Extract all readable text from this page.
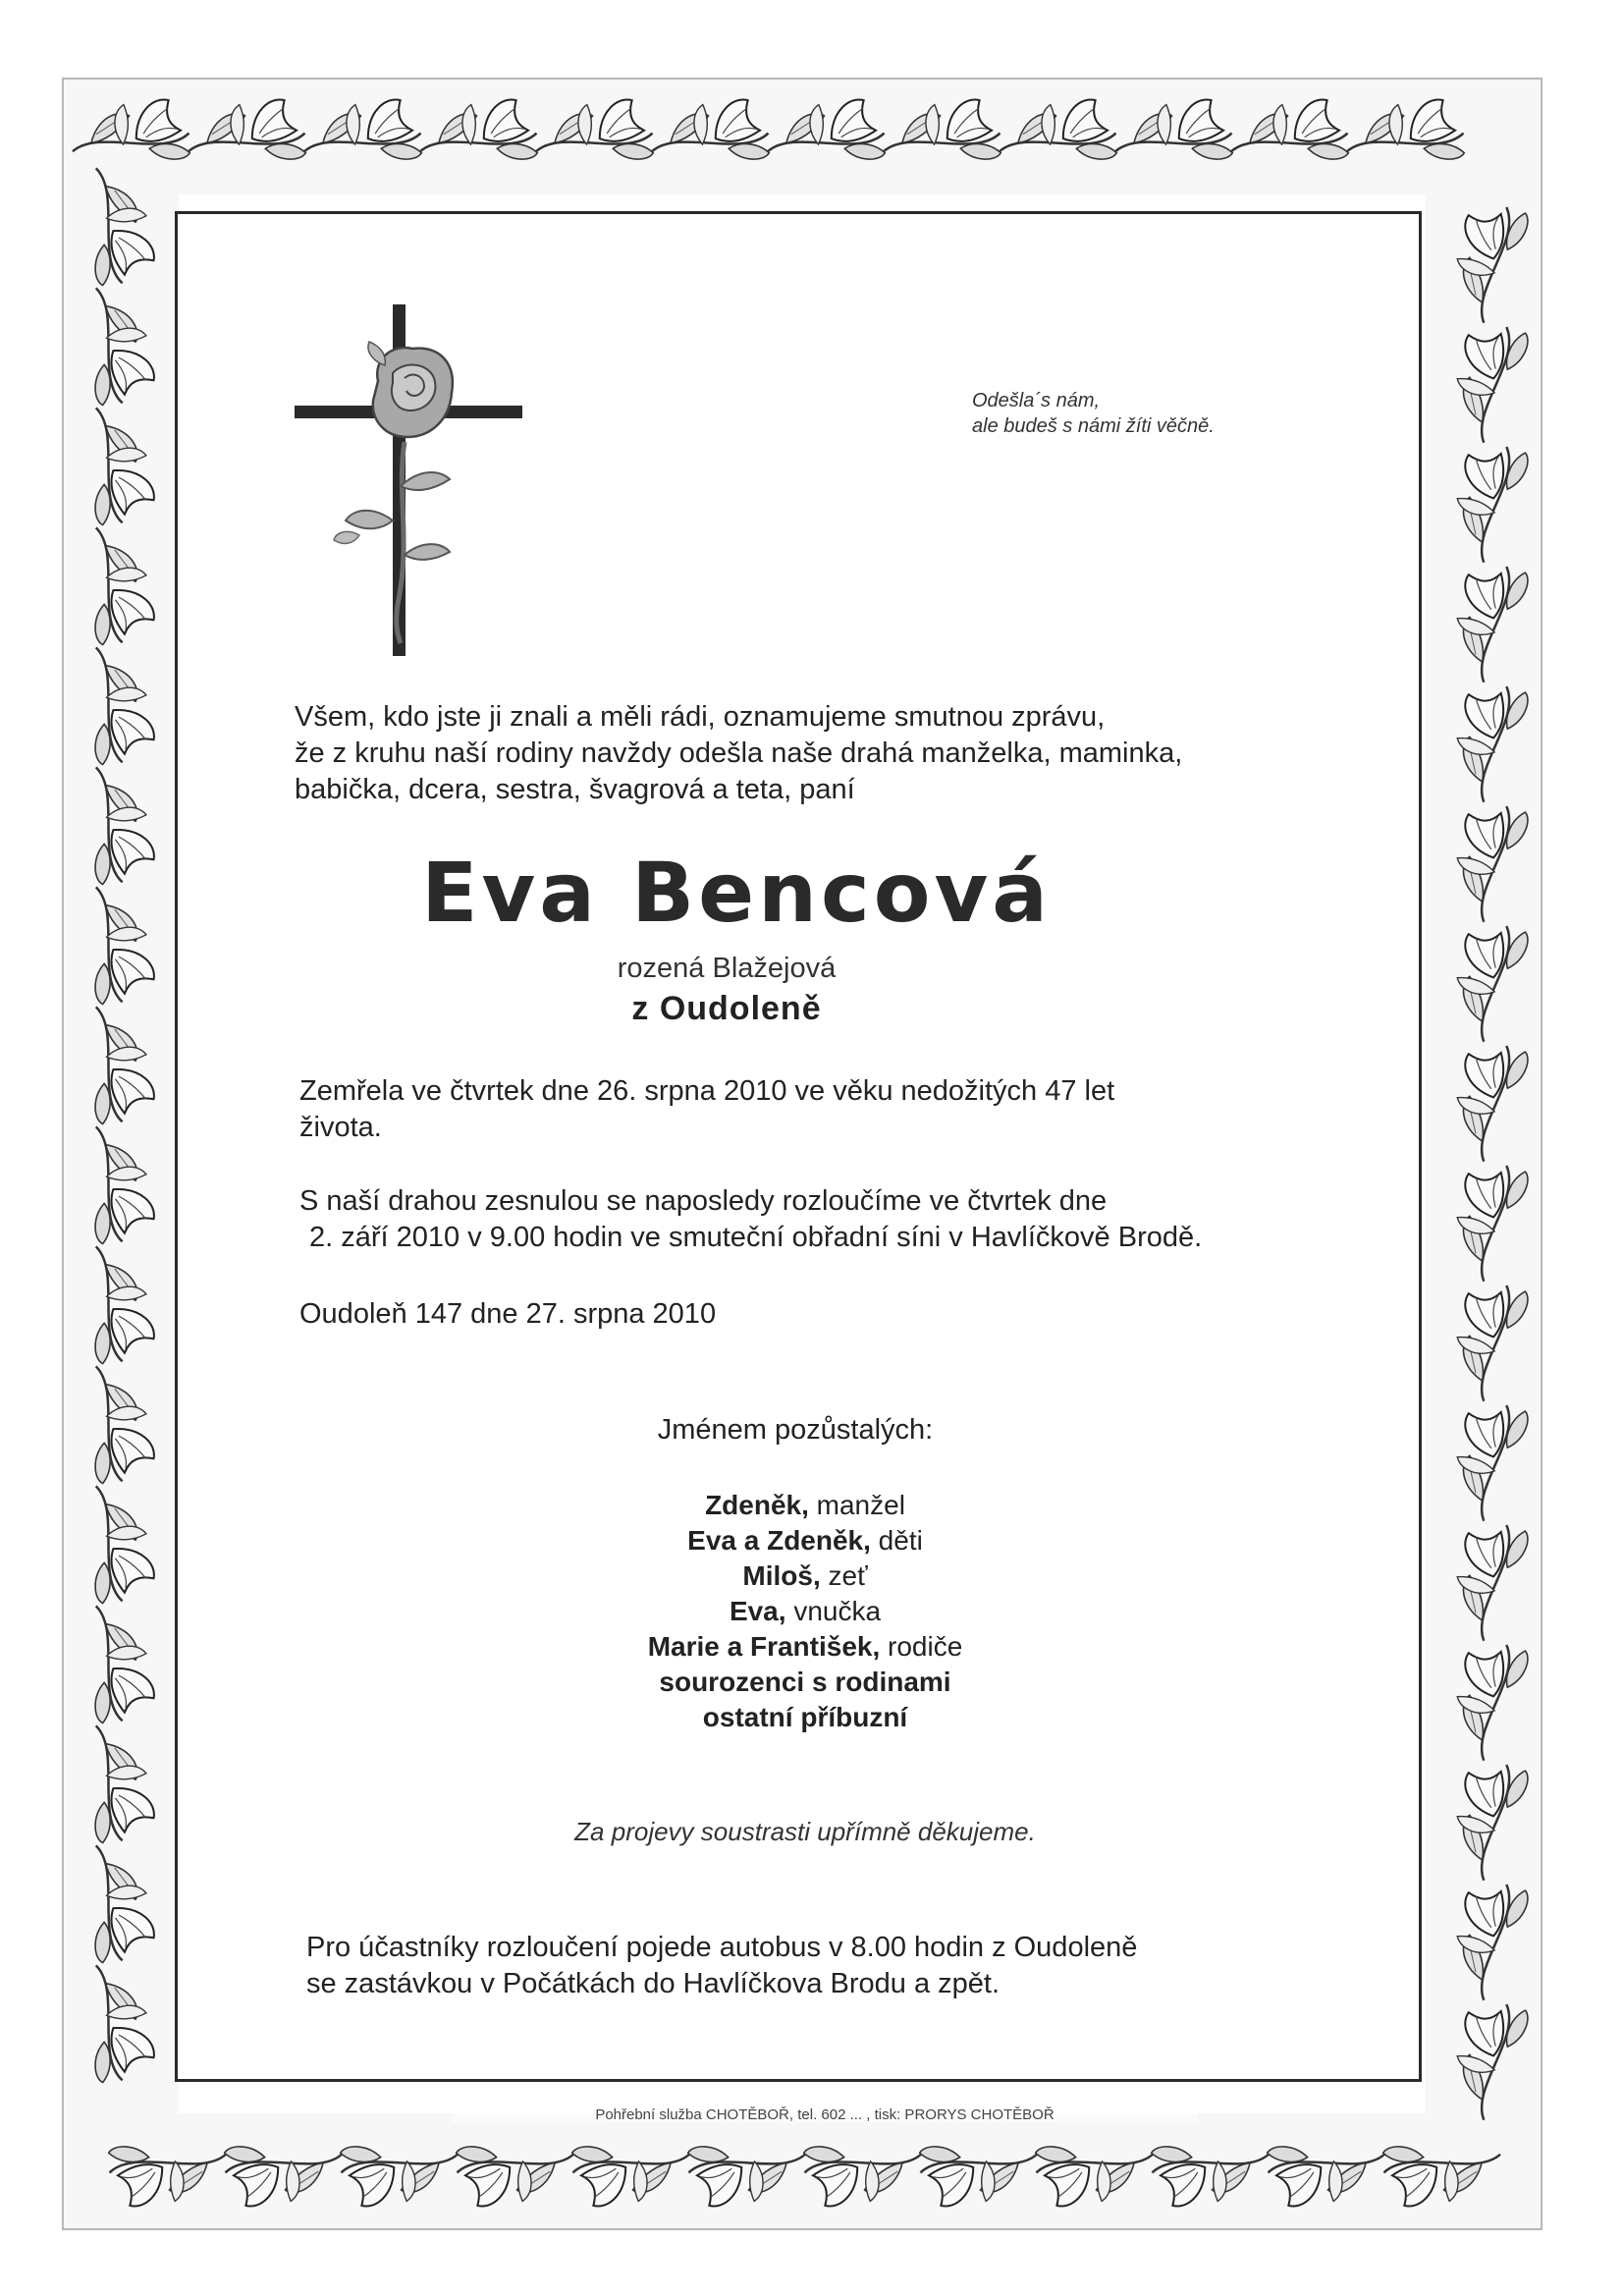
Odešla´s nám,
ale budeš s námi žíti věčně.
Všem, kdo jste ji znali a měli rádi, oznamujeme smutnou zprávu,
že z kruhu naší rodiny navždy odešla naše drahá manželka, maminka,
babička, dcera, sestra, švagrová a teta, paní
Eva Bencová
rozená Blažejová
z Oudoleně
Zemřela ve čtvrtek dne 26. srpna 2010 ve věku nedožitých 47 let
života.
S naší drahou zesnulou se naposledy rozloučíme ve čtvrtek dne
2. září 2010 v 9.00 hodin ve smuteční obřadní síni v Havlíčkově Brodě.
Oudoleň 147 dne 27. srpna 2010
Jménem pozůstalých:
Zdeněk, manžel
Eva a Zdeněk, děti
Miloš, zeť
Eva, vnučka
Marie a František, rodiče
sourozenci s rodinami
ostatní příbuzní
Za projevy soustrasti upřímně děkujeme.
Pro účastníky rozloučení pojede autobus v 8.00 hodin z Oudoleně
se zastávkou v Počátkách do Havlíčkova Brodu a zpět.
Pohřební služba CHOTĚBOŘ, tel. 602 ... , tisk: PRORYS CHOTĚBOŘ
